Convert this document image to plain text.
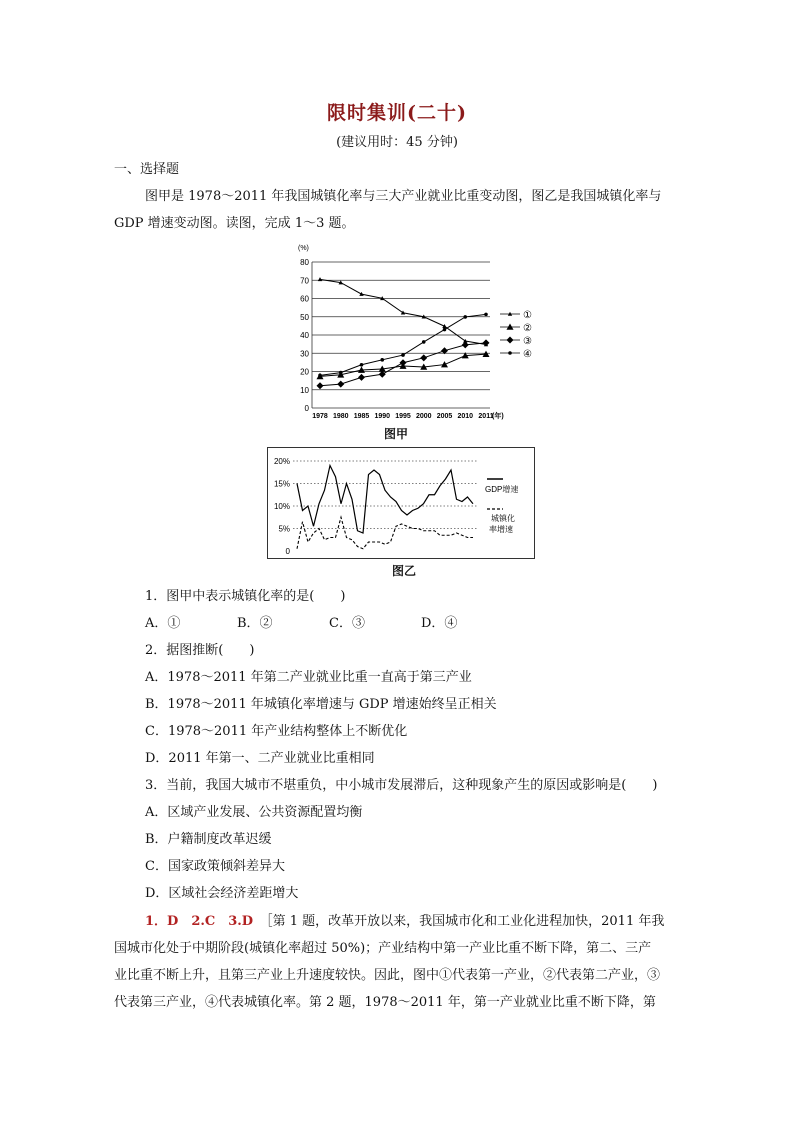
限时集训(二十)
(建议用时：45 分钟)
一、选择题
图甲是 1978～2011 年我国城镇化率与三大产业就业比重变动图，图乙是我国城镇化率与
GDP 增速变动图。读图，完成 1～3 题。
(%)
0
10
20
30
40
50
60
70
80
1978 1980 1985 1990 1995 2000 2005 2010 2011
(年)
①
②
③
④
图甲
20%
15%
10%
5%
0
GDP增速
城镇化
率增速
图乙
1．图甲中表示城镇化率的是(　　)
A．①	B．②	C．③	D．④
2．据图推断(　　)
A．1978～2011 年第二产业就业比重一直高于第三产业
B．1978～2011 年城镇化率增速与 GDP 增速始终呈正相关
C．1978～2011 年产业结构整体上不断优化
D．2011 年第一、二产业就业比重相同
3．当前，我国大城市不堪重负，中小城市发展滞后，这种现象产生的原因或影响是(　　)
A．区域产业发展、公共资源配置均衡
B．户籍制度改革迟缓
C．国家政策倾斜差异大
D．区域社会经济差距增大
1．D　2.C　3.D　 ［第 1 题，改革开放以来，我国城市化和工业化进程加快，2011 年我
国城市化处于中期阶段(城镇化率超过 50%)；产业结构中第一产业比重不断下降，第二、三产
业比重不断上升，且第三产业上升速度较快。因此，图中①代表第一产业，②代表第二产业，③
代表第三产业，④代表城镇化率。第 2 题，1978～2011 年，第一产业就业比重不断下降，第
